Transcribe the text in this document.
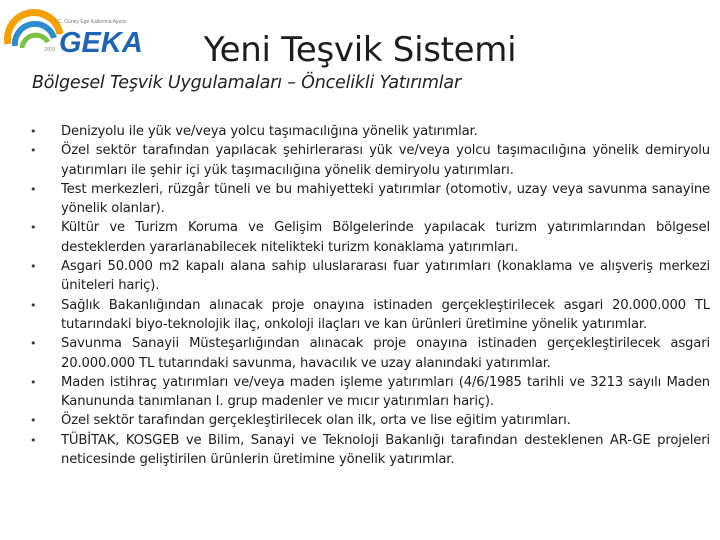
GEKA
T.C. Güney Ege Kalkınma Ajansı
2009	Yeni Teşvik Sistemi
Bölgesel Teşvik Uygulamaları – Öncelikli Yatırımlar
• Denizyolu ile yük ve/veya yolcu taşımacılığına yönelik yatırımlar.
• Özel sektör tarafından yapılacak şehirlerarası yük ve/veya yolcu taşımacılığına yönelik demiryolu yatırımları ile şehir içi yük taşımacılığına yönelik demiryolu yatırımları.
• Test merkezleri, rüzgâr tüneli ve bu mahiyetteki yatırımlar (otomotiv, uzay veya savunma sanayine yönelik olanlar).
• Kültür ve Turizm Koruma ve Gelişim Bölgelerinde yapılacak turizm yatırımlarından bölgesel desteklerden yararlanabilecek nitelikteki turizm konaklama yatırımları.
• Asgari 50.000 m2 kapalı alana sahip uluslararası fuar yatırımları (konaklama ve alışveriş merkezi üniteleri hariç).
• Sağlık Bakanlığından alınacak proje onayına istinaden gerçekleştirilecek asgari 20.000.000 TL tutarındaki biyo-teknolojik ilaç, onkoloji ilaçları ve kan ürünleri üretimine yönelik yatırımlar.
• Savunma Sanayii Müsteşarlığından alınacak proje onayına istinaden gerçekleştirilecek asgari 20.000.000 TL tutarındaki savunma, havacılık ve uzay alanındaki yatırımlar.
• Maden istihraç yatırımları ve/veya maden işleme yatırımları (4/6/1985 tarihli ve 3213 sayılı Maden Kanununda tanımlanan I. grup madenler ve mıcır yatırımları hariç).
• Özel sektör tarafından gerçekleştirilecek olan ilk, orta ve lise eğitim yatırımları.
• TÜBİTAK, KOSGEB ve Bilim, Sanayi ve Teknoloji Bakanlığı tarafından desteklenen AR-GE projeleri neticesinde geliştirilen ürünlerin üretimine yönelik yatırımlar.
